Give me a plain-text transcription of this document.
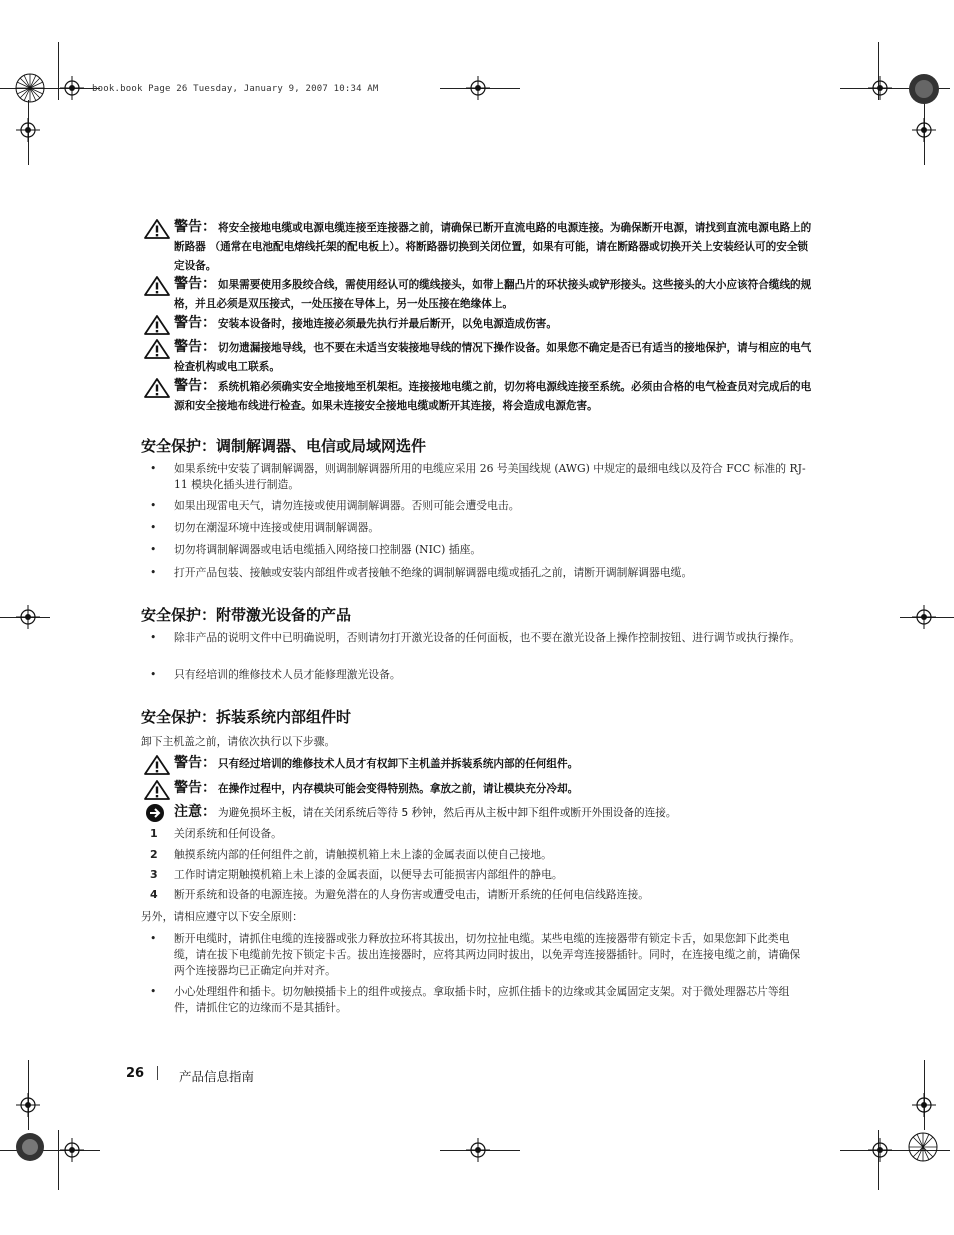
book.book Page 26 Tuesday, January 9, 2007 10:34 AM
警告： 将安全接地电缆或电源电缆连接至连接器之前，请确保已断开直流电路的电源连接。为确保断开电源，请找到直流电源电路上的断路器 （通常在电池配电熔线托架的配电板上）。将断路器切换到关闭位置，如果有可能，请在断路器或切换开关上安装经认可的安全锁定设备。
警告： 如果需要使用多股绞合线，需使用经认可的缆线接头，如带上翻凸片的环状接头或铲形接头。这些接头的大小应该符合缆线的规格，并且必须是双压接式，一处压接在导体上，另一处压接在绝缘体上。
警告： 安装本设备时，接地连接必须最先执行并最后断开，以免电源造成伤害。
警告： 切勿遗漏接地导线，也不要在未适当安装接地导线的情况下操作设备。如果您不确定是否已有适当的接地保护，请与相应的电气检查机构或电工联系。
警告： 系统机箱必须确实安全地接地至机架柜。连接接地电缆之前，切勿将电源线连接至系统。必须由合格的电气检查员对完成后的电源和安全接地布线进行检查。如果未连接安全接地电缆或断开其连接，将会造成电源危害。
安全保护：调制解调器、电信或局域网选件
• 如果系统中安装了调制解调器，则调制解调器所用的电缆应采用 26 号美国线规 (AWG) 中规定的最细电线以及符合 FCC 标准的 RJ-11 模块化插头进行制造。
• 如果出现雷电天气，请勿连接或使用调制解调器。否则可能会遭受电击。
• 切勿在潮湿环境中连接或使用调制解调器。
• 切勿将调制解调器或电话电缆插入网络接口控制器 (NIC) 插座。
• 打开产品包装、接触或安装内部组件或者接触不绝缘的调制解调器电缆或插孔之前，请断开调制解调器电缆。
安全保护：附带激光设备的产品
• 除非产品的说明文件中已明确说明，否则请勿打开激光设备的任何面板，也不要在激光设备上操作控制按钮、进行调节或执行操作。
• 只有经培训的维修技术人员才能修理激光设备。
安全保护：拆装系统内部组件时
卸下主机盖之前，请依次执行以下步骤。
警告： 只有经过培训的维修技术人员才有权卸下主机盖并拆装系统内部的任何组件。
警告： 在操作过程中，内存模块可能会变得特别热。拿放之前，请让模块充分冷却。
注意： 为避免损坏主板，请在关闭系统后等待 5 秒钟，然后再从主板中卸下组件或断开外围设备的连接。
1 关闭系统和任何设备。
2 触摸系统内部的任何组件之前，请触摸机箱上未上漆的金属表面以使自己接地。
3 工作时请定期触摸机箱上未上漆的金属表面，以便导去可能损害内部组件的静电。
4 断开系统和设备的电源连接。为避免潜在的人身伤害或遭受电击，请断开系统的任何电信线路连接。
另外，请相应遵守以下安全原则：
• 断开电缆时，请抓住电缆的连接器或张力释放拉环将其拔出，切勿拉扯电缆。某些电缆的连接器带有锁定卡舌，如果您卸下此类电缆，请在拔下电缆前先按下锁定卡舌。拔出连接器时，应将其两边同时拔出，以免弄弯连接器插针。同时，在连接电缆之前，请确保两个连接器均已正确定向并对齐。
• 小心处理组件和插卡。切勿触摸插卡上的组件或接点。拿取插卡时，应抓住插卡的边缘或其金属固定支架。对于微处理器芯片等组件，请抓住它的边缘而不是其插针。
26	产品信息指南
